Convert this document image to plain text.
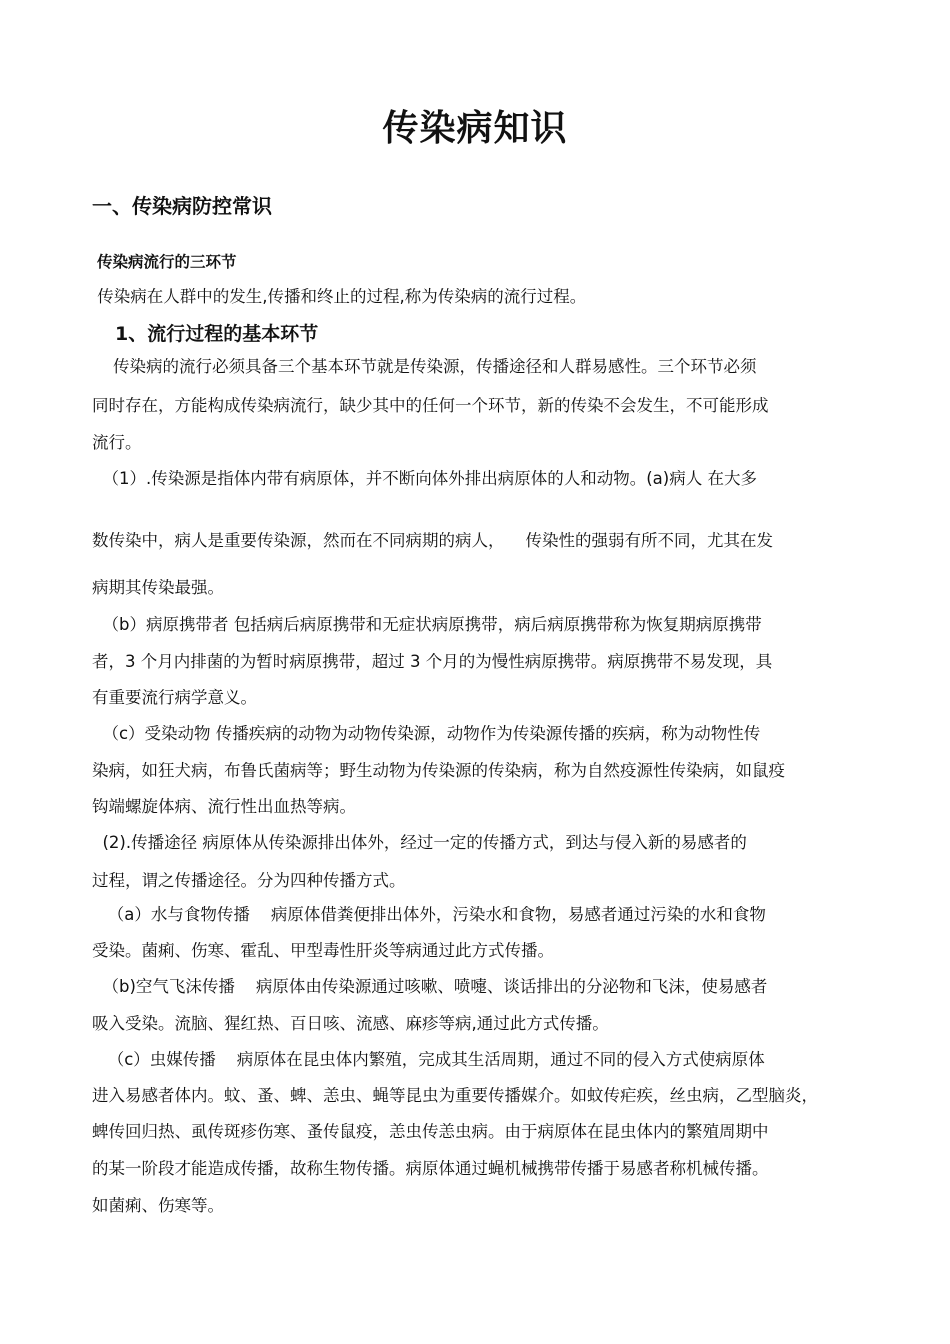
传染病知识
一、传染病防控常识
传染病流行的三环节
传染病在人群中的发生,传播和终止的过程,称为传染病的流行过程。
1、流行过程的基本环节
传染病的流行必须具备三个基本环节就是传染源，传播途径和人群易感性。三个环节必须
同时存在，方能构成传染病流行，缺少其中的任何一个环节，新的传染不会发生，不可能形成
流行。
（1）.传染源是指体内带有病原体，并不断向体外排出病原体的人和动物。(a)病人 在大多
数传染中，病人是重要传染源，然而在不同病期的病人，    传染性的强弱有所不同，尤其在发
病期其传染最强。
（b）病原携带者 包括病后病原携带和无症状病原携带，病后病原携带称为恢复期病原携带
者，3 个月内排菌的为暂时病原携带，超过 3 个月的为慢性病原携带。病原携带不易发现，具
有重要流行病学意义。
（c）受染动物 传播疾病的动物为动物传染源，动物作为传染源传播的疾病，称为动物性传
染病，如狂犬病，布鲁氏菌病等；野生动物为传染源的传染病，称为自然疫源性传染病，如鼠疫
钩端螺旋体病、流行性出血热等病。
(2).传播途径 病原体从传染源排出体外，经过一定的传播方式，到达与侵入新的易感者的
过程，谓之传播途径。分为四种传播方式。
（a）水与食物传播    病原体借粪便排出体外，污染水和食物，易感者通过污染的水和食物
受染。菌痢、伤寒、霍乱、甲型毒性肝炎等病通过此方式传播。
（b)空气飞沫传播    病原体由传染源通过咳嗽、喷嚏、谈话排出的分泌物和飞沫，使易感者
吸入受染。流脑、猩红热、百日咳、流感、麻疹等病,通过此方式传播。
（c）虫媒传播    病原体在昆虫体内繁殖，完成其生活周期，通过不同的侵入方式使病原体
进入易感者体内。蚊、蚤、蜱、恙虫、蝇等昆虫为重要传播媒介。如蚊传疟疾，丝虫病，乙型脑炎，
蜱传回归热、虱传斑疹伤寒、蚤传鼠疫，恙虫传恙虫病。由于病原体在昆虫体内的繁殖周期中
的某一阶段才能造成传播，故称生物传播。病原体通过蝇机械携带传播于易感者称机械传播。
如菌痢、伤寒等。
